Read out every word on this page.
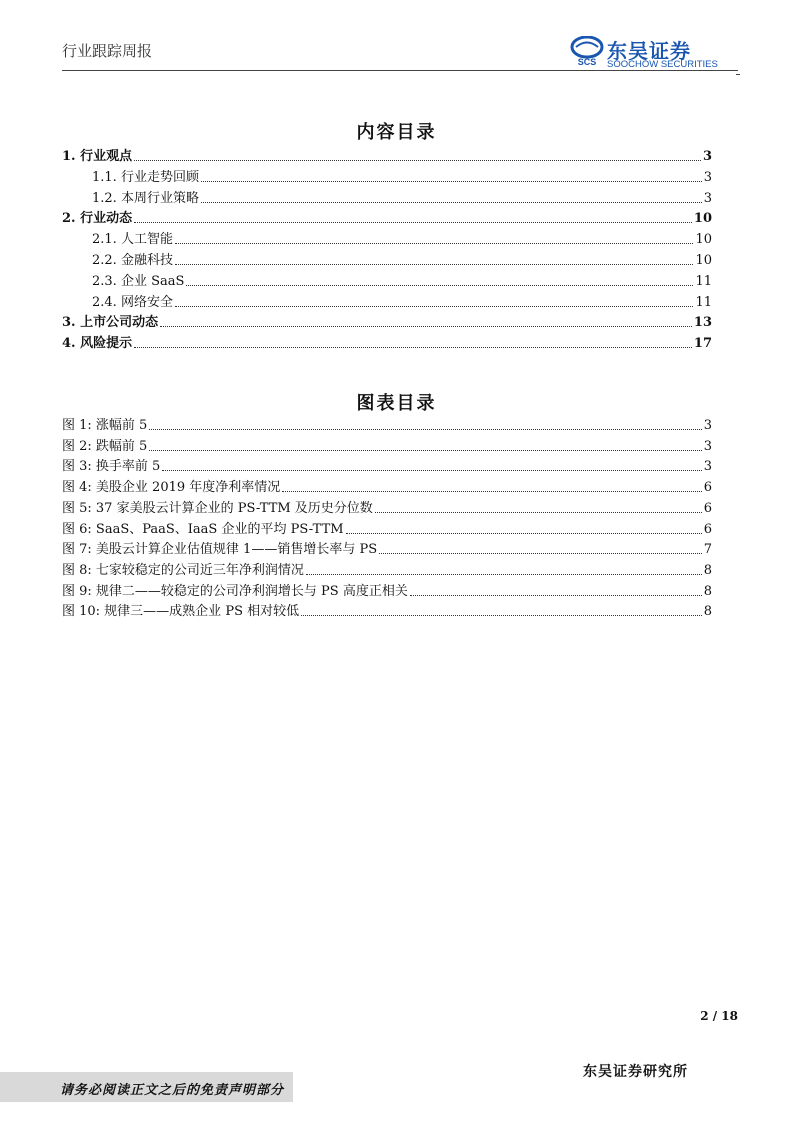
行业跟踪周报
SCS 东吴证券
SOOCHOW SECURITIES
内容目录
1. 行业观点	3
1.1. 行业走势回顾	3
1.2. 本周行业策略	3
2. 行业动态	10
2.1. 人工智能	10
2.2. 金融科技	10
2.3. 企业 SaaS	11
2.4. 网络安全	11
3. 上市公司动态	13
4. 风险提示	17
图表目录
图 1: 涨幅前 5	3
图 2: 跌幅前 5	3
图 3: 换手率前 5	3
图 4: 美股企业 2019 年度净利率情况	6
图 5: 37 家美股云计算企业的 PS-TTM 及历史分位数	6
图 6: SaaS、PaaS、IaaS 企业的平均 PS-TTM	6
图 7: 美股云计算企业估值规律 1——销售增长率与 PS	7
图 8: 七家较稳定的公司近三年净利润情况	8
图 9: 规律二——较稳定的公司净利润增长与 PS 高度正相关	8
图 10: 规律三——成熟企业 PS 相对较低	8
2 / 18
东吴证券研究所
请务必阅读正文之后的免责声明部分
